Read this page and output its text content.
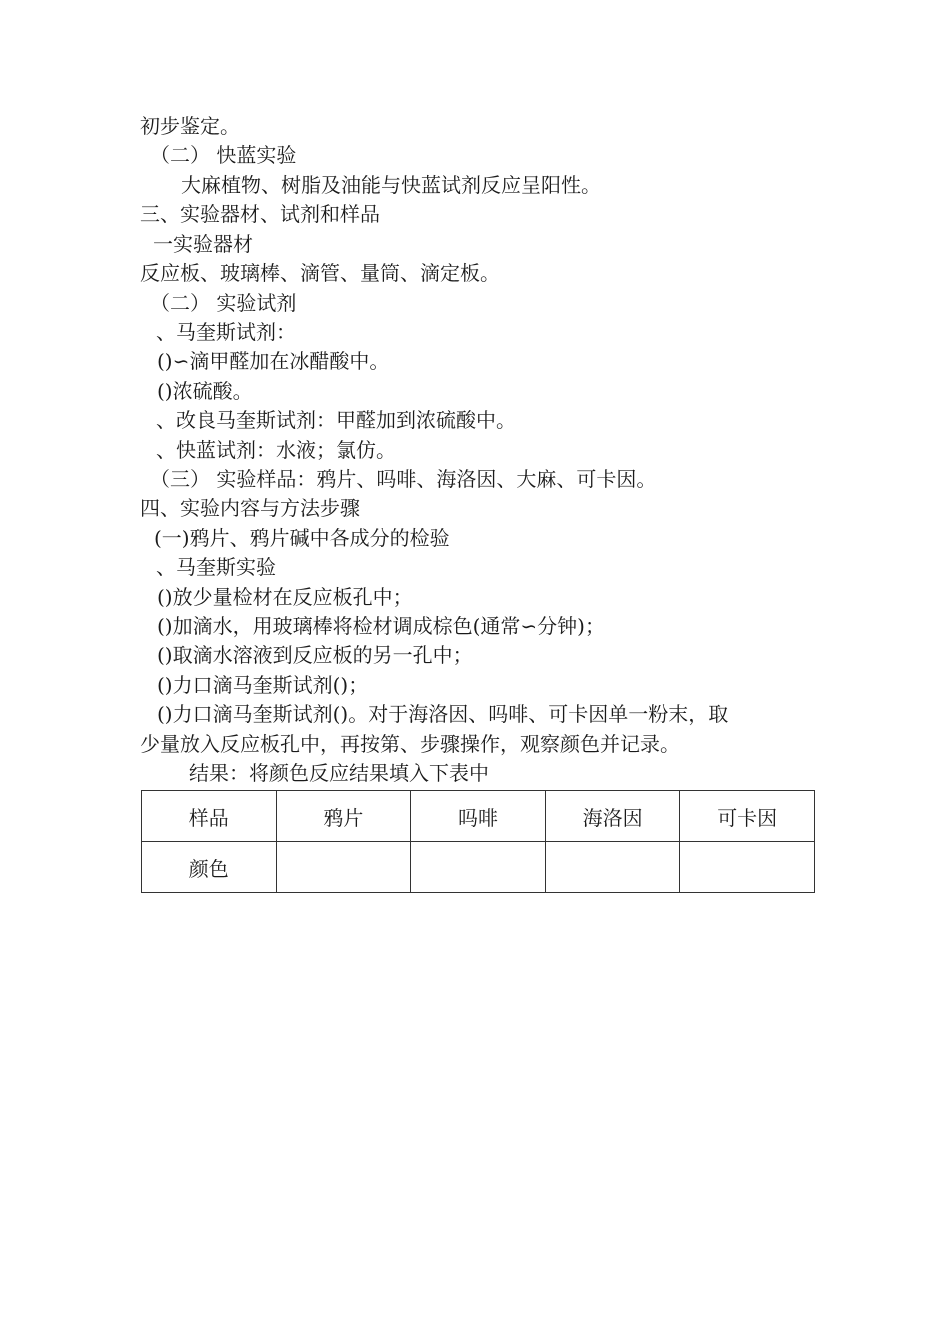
初步鉴定。
（二） 快蓝实验
大麻植物、树脂及油能与快蓝试剂反应呈阳性。
三、实验器材、试剂和样品
一实验器材
反应板、玻璃棒、滴管、量筒、滴定板。
（二） 实验试剂
、马奎斯试剂：
()∽滴甲醛加在冰醋酸中。
()浓硫酸。
、改良马奎斯试剂：甲醛加到浓硫酸中。
、快蓝试剂：水液；氯仿。
（三） 实验样品：鸦片、吗啡、海洛因、大麻、可卡因。
四、实验内容与方法步骤
(一)鸦片、鸦片碱中各成分的检验
、马奎斯实验
()放少量检材在反应板孔中；
()加滴水，用玻璃棒将检材调成棕色(通常∽分钟)；
()取滴水溶液到反应板的另一孔中；
()力口滴马奎斯试剂()；
()力口滴马奎斯试剂()。对于海洛因、吗啡、可卡因单一粉末，取
少量放入反应板孔中，再按第、步骤操作，观察颜色并记录。
结果：将颜色反应结果填入下表中
样品	鸦片	吗啡	海洛因	可卡因
颜色				
